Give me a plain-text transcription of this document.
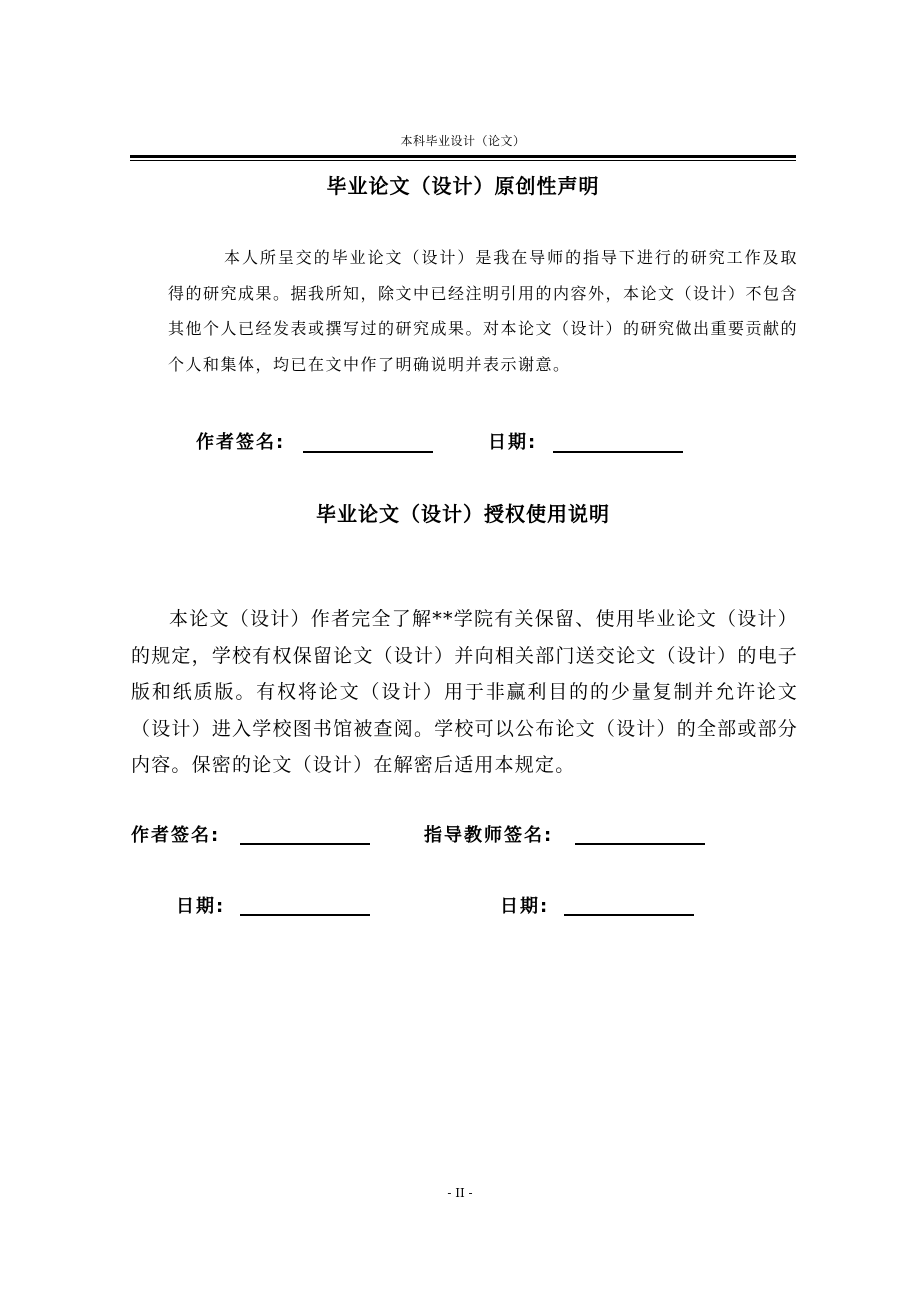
本科毕业设计（论文）
毕业论文（设计）原创性声明
本人所呈交的毕业论文（设计）是我在导师的指导下进行的研究工作及取得的研究成果。据我所知，除文中已经注明引用的内容外，本论文（设计）不包含其他个人已经发表或撰写过的研究成果。对本论文（设计）的研究做出重要贡献的个人和集体，均已在文中作了明确说明并表示谢意。
作者签名:	日期:
毕业论文（设计）授权使用说明
本论文（设计）作者完全了解**学院有关保留、使用毕业论文（设计）的规定，学校有权保留论文（设计）并向相关部门送交论文（设计）的电子版和纸质版。有权将论文（设计）用于非赢利目的的少量复制并允许论文（设计）进入学校图书馆被查阅。学校可以公布论文（设计）的全部或部分内容。保密的论文（设计）在解密后适用本规定。
作者签名:	指导教师签名:
日期:	日期:
- II -
